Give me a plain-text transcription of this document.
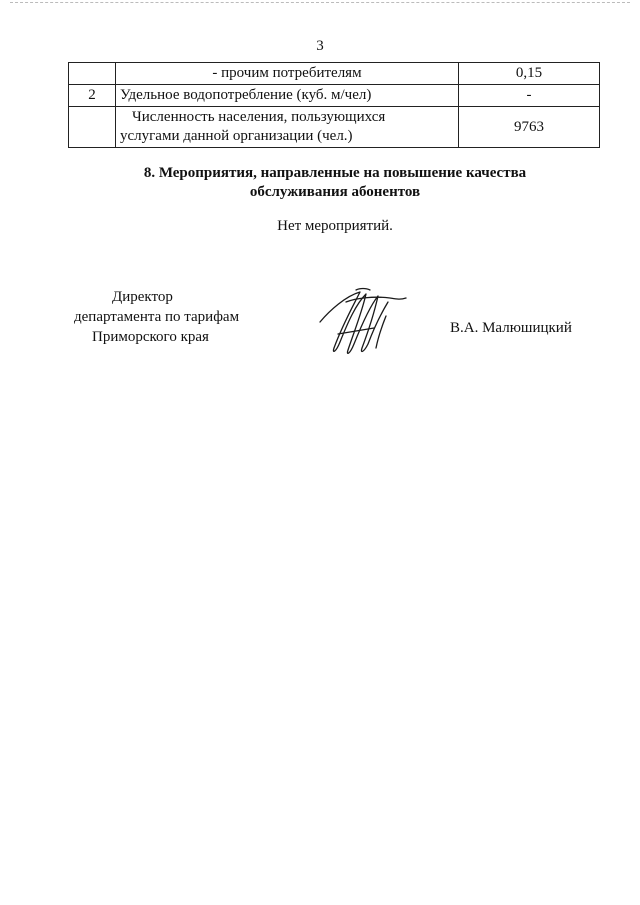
3
	- прочим потребителям	0,15
2	Удельное водопотребление (куб. м/чел)	-

	Численность населения, пользующихся
услугами данной организации (чел.)	9763
8. Мероприятия, направленные на повышение качества
обслуживания абонентов
Нет мероприятий.
Директор
департамента по тарифам
Приморского края
В.А. Малюшицкий
